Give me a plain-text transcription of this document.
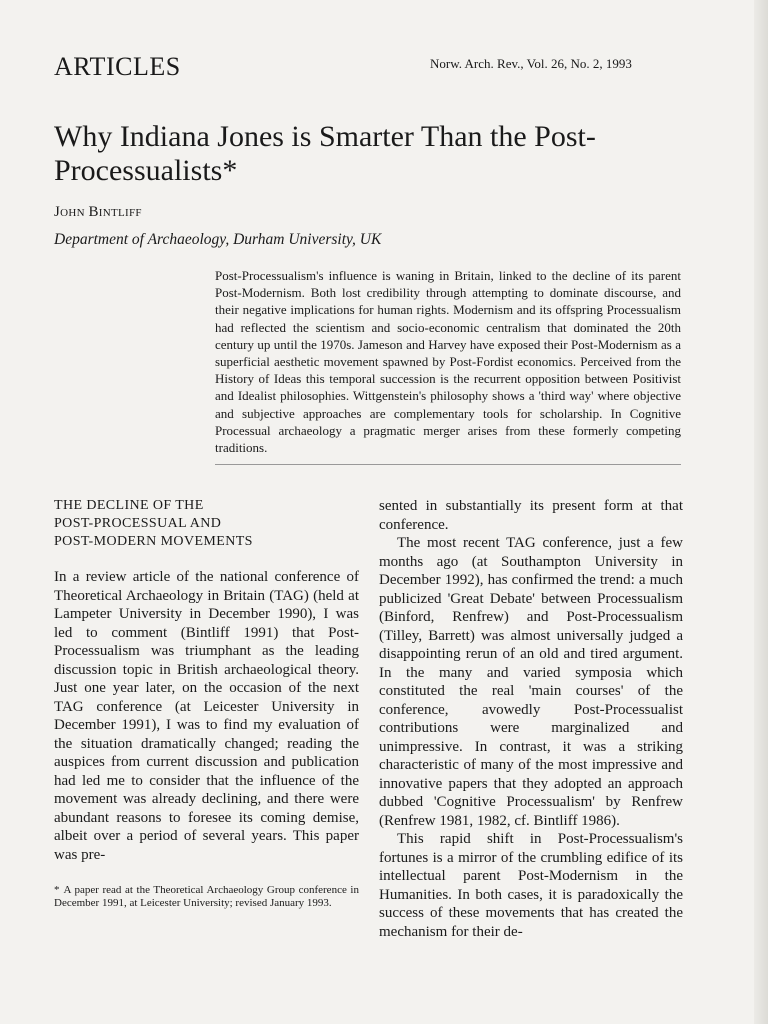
ARTICLES	Norw. Arch. Rev., Vol. 26, No. 2, 1993
Why Indiana Jones is Smarter Than the Post-Processualists*
John Bintliff
Department of Archaeology, Durham University, UK

Post-Processualism's influence is waning in Britain, linked to the decline of its parent Post-Modernism. Both lost credibility through attempting to dominate discourse, and their negative implications for human rights. Modernism and its offspring Processualism had reflected the scientism and socio-economic centralism that dominated the 20th century up until the 1970s. Jameson and Harvey have exposed their Post-Modernism as a superficial aesthetic movement spawned by Post-Fordist economics. Perceived from the History of Ideas this temporal succession is the recurrent opposition between Positivist and Idealist philosophies. Wittgenstein's philosophy shows a 'third way' where objective and subjective approaches are complementary tools for scholarship. In Cognitive Processual archaeology a pragmatic merger arises from these formerly competing traditions.

THE DECLINE OF THE
POST-PROCESSUAL AND
POST-MODERN MOVEMENTS

In a review article of the national conference of Theoretical Archaeology in Britain (TAG) (held at Lampeter University in December 1990), I was led to comment (Bintliff 1991) that Post-Processualism was triumphant as the leading discussion topic in British archaeological theory. Just one year later, on the occasion of the next TAG conference (at Leicester University in December 1991), I was to find my evaluation of the situation dramatically changed; reading the auspices from current discussion and publication had led me to consider that the influence of the movement was already declining, and there were abundant reasons to foresee its coming demise, albeit over a period of several years. This paper was pre-

sented in substantially its present form at that conference.

The most recent TAG conference, just a few months ago (at Southampton University in December 1992), has confirmed the trend: a much publicized 'Great Debate' between Processualism (Binford, Renfrew) and Post-Processualism (Tilley, Barrett) was almost universally judged a disappointing rerun of an old and tired argument. In the many and varied symposia which constituted the real 'main courses' of the conference, avowedly Post-Processualist contributions were marginalized and unimpressive. In contrast, it was a striking characteristic of many of the most impressive and innovative papers that they adopted an approach dubbed 'Cognitive Processualism' by Renfrew (Renfrew 1981, 1982, cf. Bintliff 1986).

This rapid shift in Post-Processualism's fortunes is a mirror of the crumbling edifice of its intellectual parent Post-Modernism in the Humanities. In both cases, it is paradoxically the success of these movements that has created the mechanism for their de-

* A paper read at the Theoretical Archaeology Group conference in December 1991, at Leicester University; revised January 1993.
